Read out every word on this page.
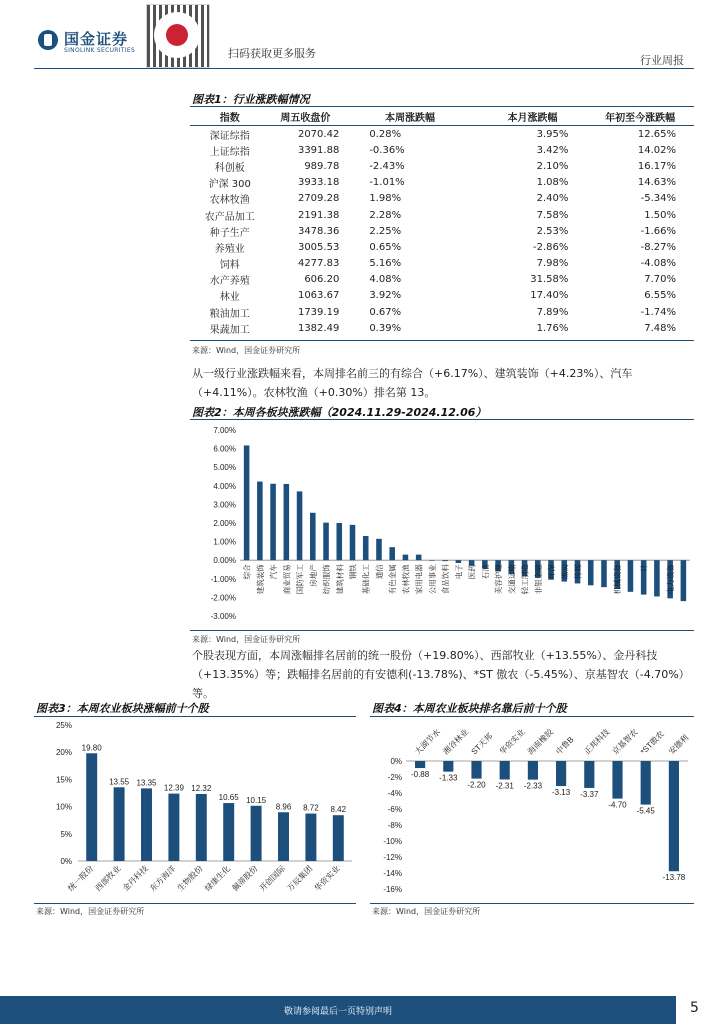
国金证券
SINOLINK SECURITIES	扫码获取更多服务
行业周报
图表1：行业涨跌幅情况
指数	周五收盘价	本周涨跌幅	本月涨跌幅	年初至今涨跌幅
深证综指	2070.42	0.28%	3.95%	12.65%
上证综指	3391.88	-0.36%	3.42%	14.02%
科创板	989.78	-2.43%	2.10%	16.17%
沪深 300	3933.18	-1.01%	1.08%	14.63%
农林牧渔	2709.28	1.98%	2.40%	-5.34%
农产品加工	2191.38	2.28%	7.58%	1.50%
种子生产	3478.36	2.25%	2.53%	-1.66%
养殖业	3005.53	0.65%	-2.86%	-8.27%
饲料	4277.83	5.16%	7.98%	-4.08%
水产养殖	606.20	4.08%	31.58%	7.70%
林业	1063.67	3.92%	17.40%	6.55%
粮油加工	1739.19	0.67%	7.89%	-1.74%
果蔬加工	1382.49	0.39%	1.76%	7.48%
来源：Wind，国金证券研究所
从一级行业涨跌幅来看，本周排名前三的有综合（+6.17%）、建筑装饰（+4.23%）、汽车（+4.11%）。农林牧渔（+0.30%）排名第 13。
图表2：本周各板块涨跌幅（2024.11.29-2024.12.06）
7.00%
6.00%
5.00%
4.00%
3.00%
2.00%
1.00%
0.00%
-1.00%
-2.00%
-3.00%
综合 建筑装饰 汽车 商业贸易 国防军工 房地产 纺织服饰 建筑材料 钢铁 基础化工 通信 有色金属 农林牧渔 家用电器 公用事业 食品饮料 电子 医药 石油 美容护理 交通运输 轻工制造 非银金融 环保 煤炭 传媒	机械设备 计 电力设备
来源：Wind，国金证券研究所
个股表现方面，本周涨幅排名居前的统一股份（+19.80%）、西部牧业（+13.55%）、金丹科技（+13.35%）等；跌幅排名居前的有安德利(-13.78%)、*ST 傲农（-5.45%）、京基智农（-4.70%）等。
图表3：本周农业板块涨幅前十个股
25%
20%
15%
10%
5%
0%
19.80
13.55 13.35
12.39 12.32
10.65 10.15
8.96 8.72 8.42
统一股份
西部牧业
金丹科技
东方海洋
生物股份
绿康生化
佩蒂股份
开创国际
万辰集团
华资实业
来源：Wind，国金证券研究所
图表4：本周农业板块排名靠后前十个股
大湖节水 湘谷林业 ST天邦 华资实业 海南橡胶 中鲁B 正邦科技 京基智农 *ST傲农 安德利
0%
-2%
-4%
-6%
-8%
-10%
-12%
-14%
-16%
-0.88 -1.33
-2.20 -2.31 -2.33
-3.13 -3.37
-4.70
-5.45
-13.78
来源：Wind，国金证券研究所
敬请参阅最后一页特别声明	5
